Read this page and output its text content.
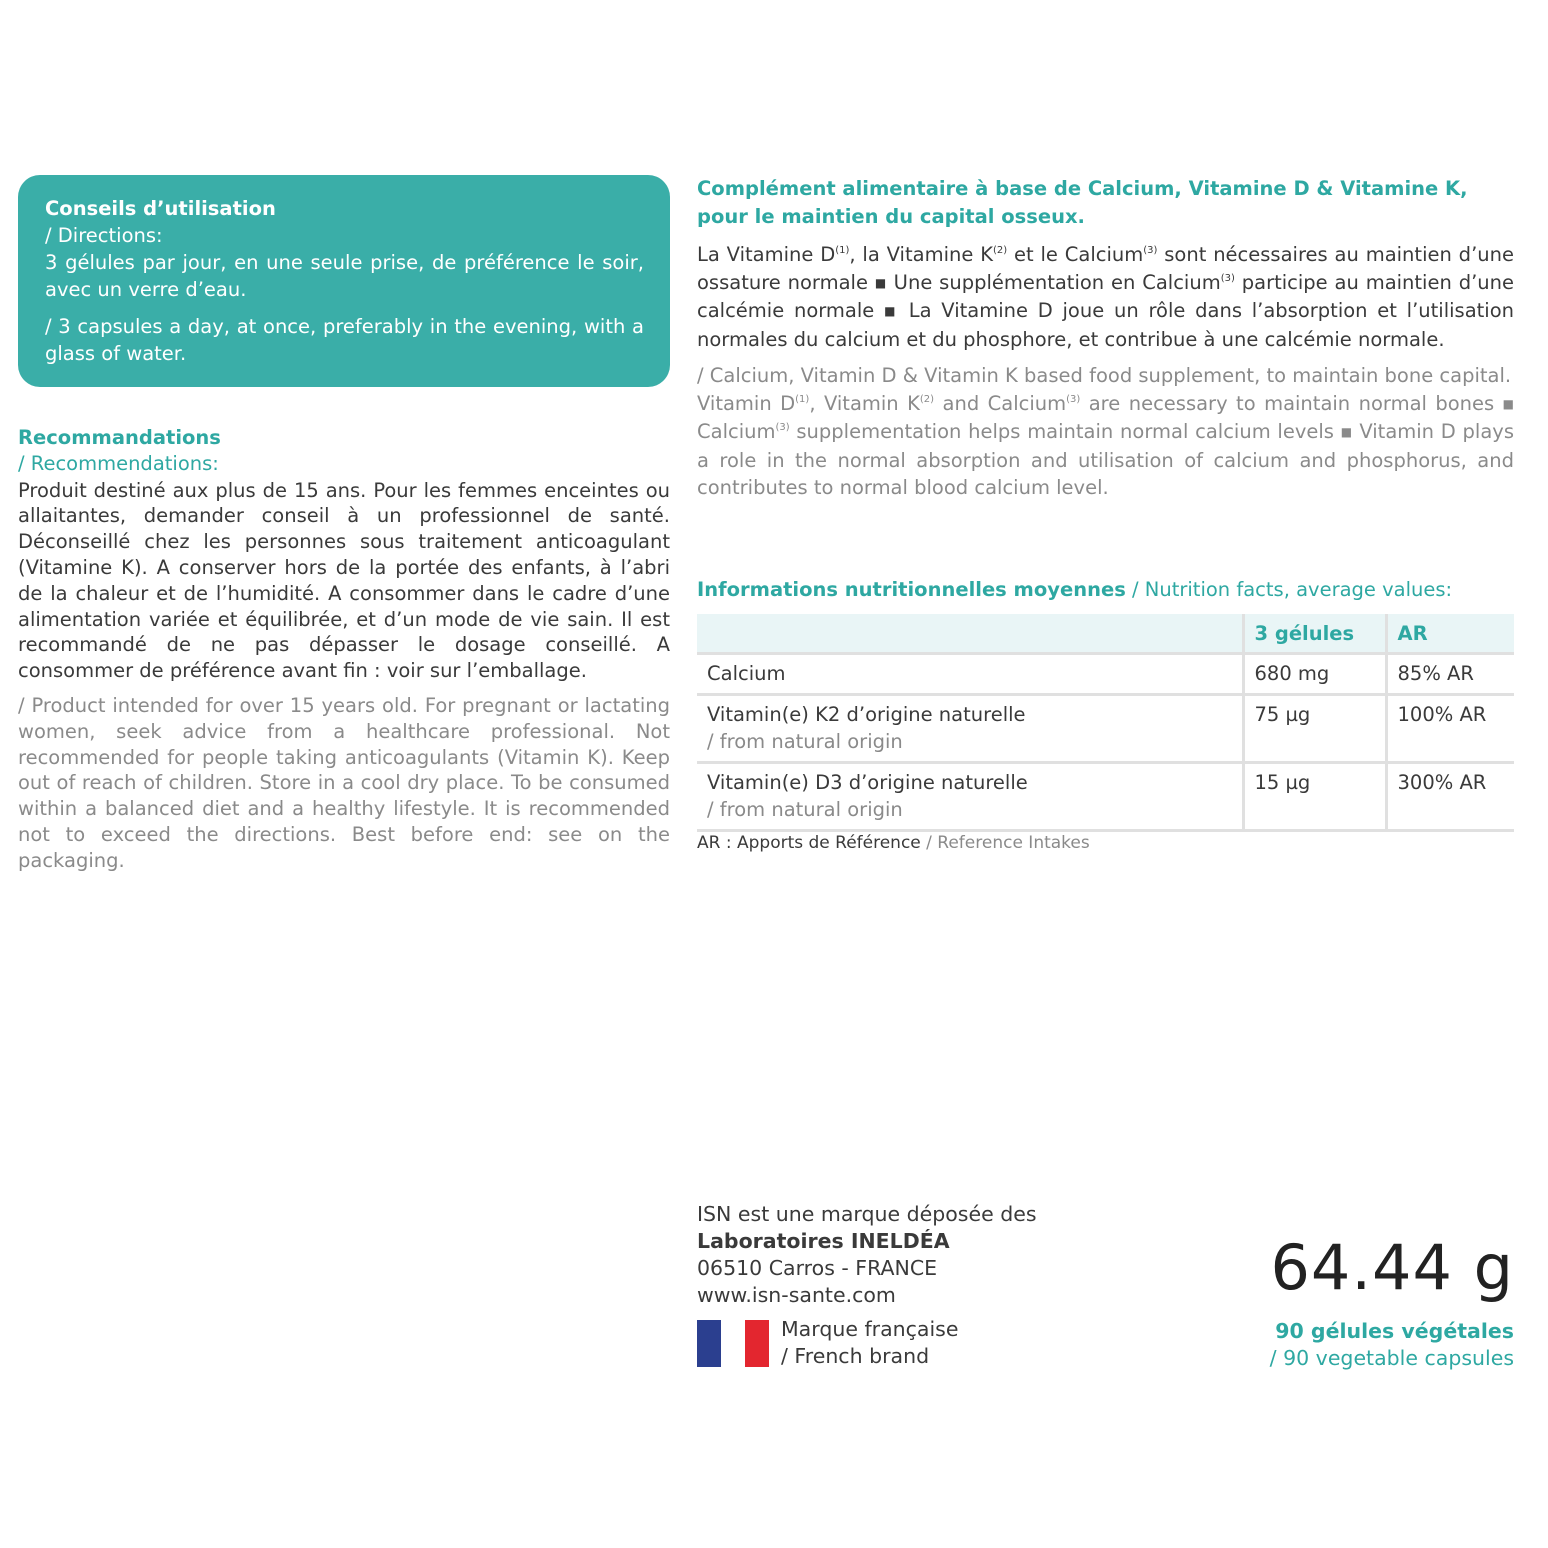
Conseils d’utilisation
/ Directions:
3 gélules par jour, en une seule prise, de préférence le soir, avec un verre d’eau.
/ 3 capsules a day, at once, preferably in the evening, with a glass of water.
Recommandations
/ Recommendations:
Produit destiné aux plus de 15 ans. Pour les femmes enceintes ou allaitantes, demander conseil à un professionnel de santé. Déconseillé chez les personnes sous traitement anticoagulant (Vitamine K). A conserver hors de la portée des enfants, à l’abri de la chaleur et de l’humidité. A consommer dans le cadre d’une alimentation variée et équilibrée, et d’un mode de vie sain. Il est recommandé de ne pas dépasser le dosage conseillé. A consommer de préférence avant fin : voir sur l’emballage.
/ Product intended for over 15 years old. For pregnant or lactating women, seek advice from a healthcare professional. Not recommended for people taking anticoagulants (Vitamin K). Keep out of reach of children. Store in a cool dry place. To be consumed within a balanced diet and a healthy lifestyle. It is recommended not to exceed the directions. Best before end: see on the packaging.
Complément alimentaire à base de Calcium, Vitamine D & Vitamine K, pour le maintien du capital osseux.
La Vitamine $D^{(1)}$, la Vitamine $K^{(2)}$ et le Calcium$^{(3)}$ sont nécessaires au maintien d’une ossature normale ■ Une supplémentation en Calcium$^{(3)}$ participe au maintien d’une calcémie normale ■ La Vitamine D joue un rôle dans l’absorption et l’utilisation normales du calcium et du phosphore, et contribue à une calcémie normale.
/ Calcium, Vitamin D & Vitamin K based food supplement, to maintain bone capital.
Vitamin $D^{(1)}$, Vitamin $K^{(2)}$ and Calcium$^{(3)}$ are necessary to maintain normal bones ■ Calcium$^{(3)}$ supplementation helps maintain normal calcium levels ■ Vitamin D plays a role in the normal absorption and utilisation of calcium and phosphorus, and contributes to normal blood calcium level.
Informations nutritionnelles moyennes / Nutrition facts, average values:
	3 gélules	AR

Calcium	680 mg	85% AR

Vitamin(e) K2 d’origine naturelle
/ from natural origin	75 µg	100% AR

Vitamin(e) D3 d’origine naturelle
/ from natural origin	15 µg	300% AR
AR : Apports de Référence / Reference Intakes
ISN est une marque déposée des
Laboratoires INELDÉA
06510 Carros - FRANCE
www.isn-sante.com
Marque française
/ French brand
64.44 g
90 gélules végétales
/ 90 vegetable capsules
